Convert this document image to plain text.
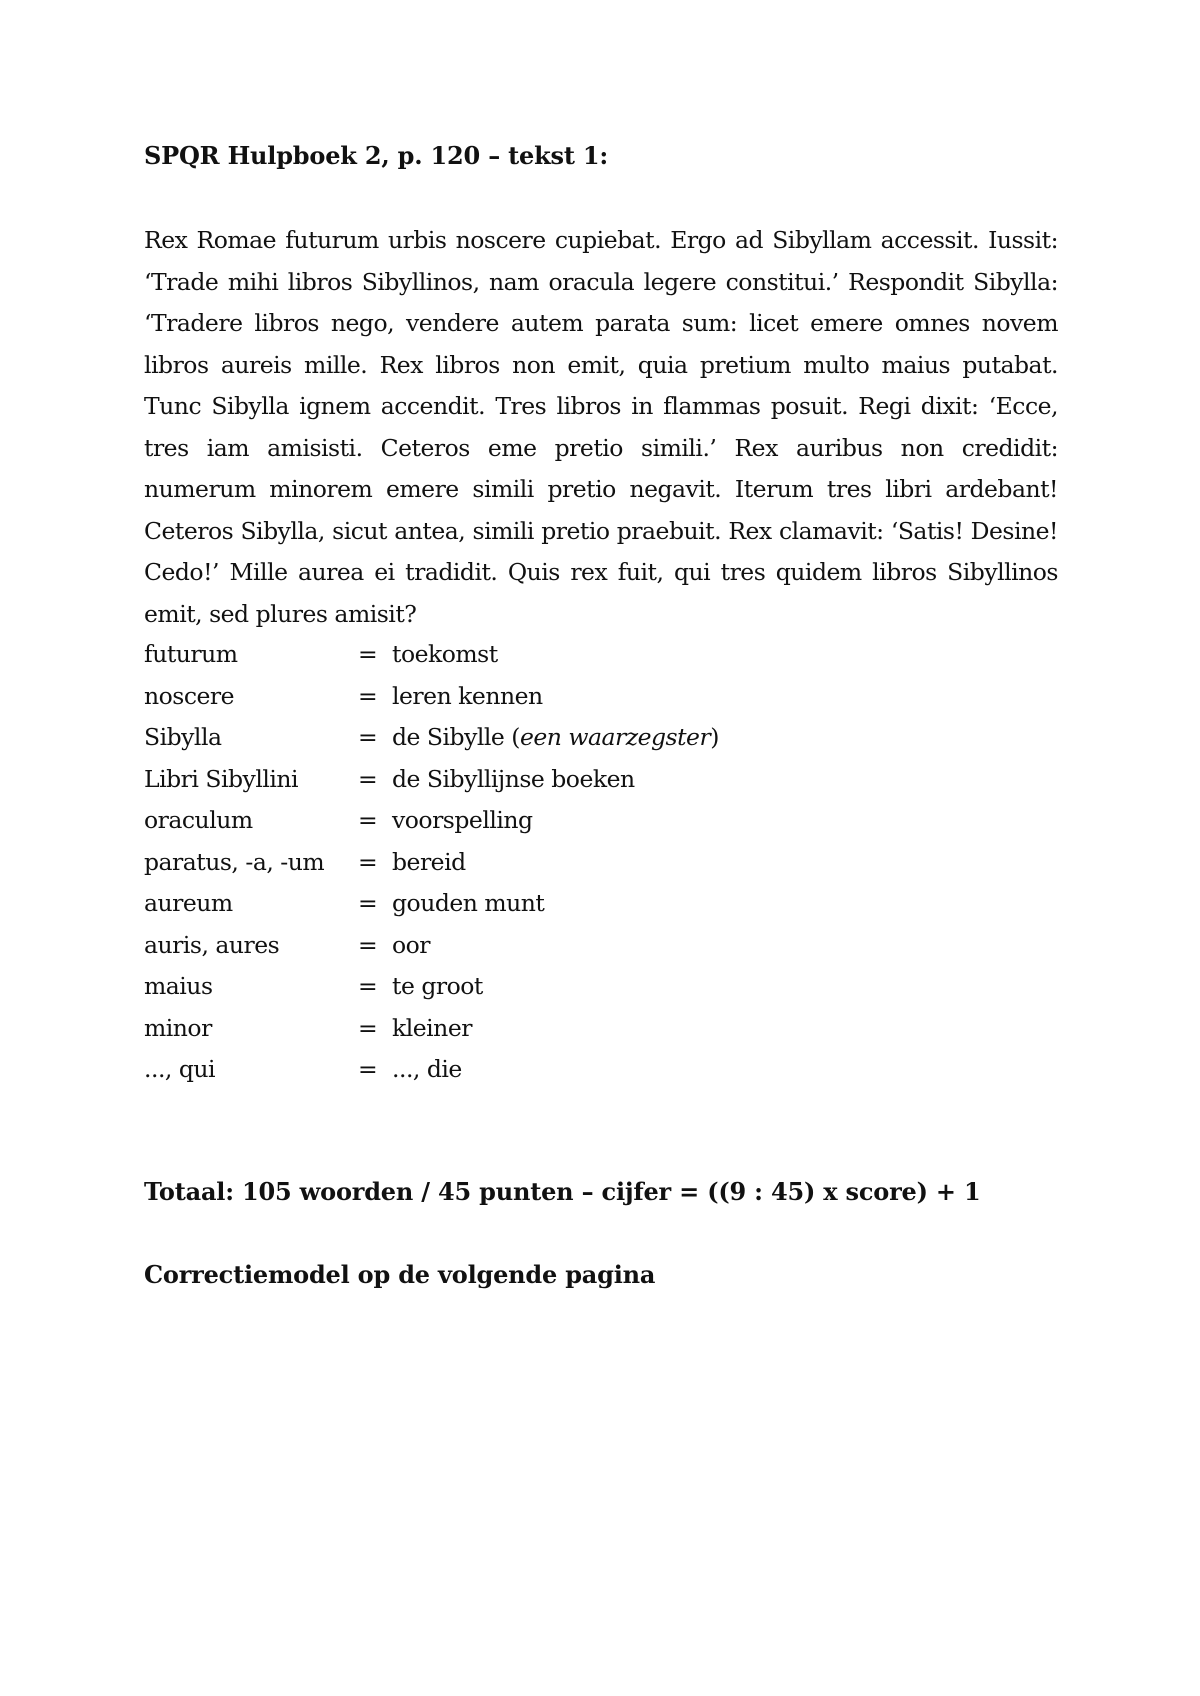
SPQR Hulpboek 2, p. 120 – tekst 1:
Rex Romae futurum urbis noscere cupiebat. Ergo ad Sibyllam accessit. Iussit: ‘Trade mihi libros Sibyllinos, nam oracula legere constitui.’ Respondit Sibylla: ‘Tradere libros nego, vendere autem parata sum: licet emere omnes novem libros aureis mille. Rex libros non emit, quia pretium multo maius putabat. Tunc Sibylla ignem accendit. Tres libros in flammas posuit. Regi dixit: ‘Ecce, tres iam amisisti. Ceteros eme pretio simili.’ Rex auribus non credidit: numerum minorem emere simili pretio negavit. Iterum tres libri ardebant! Ceteros Sibylla, sicut antea, simili pretio praebuit. Rex clamavit: ‘Satis! Desine! Cedo!’ Mille aurea ei tradidit. Quis rex fuit, qui tres quidem libros Sibyllinos emit, sed plures amisit?
futurum	= toekomst
noscere	= leren kennen
Sibylla	= de Sibylle (een waarzegster)
Libri Sibyllini	= de Sibyllijnse boeken
oraculum	= voorspelling
paratus, -a, -um = bereid
aureum	= gouden munt
auris, aures	= oor
maius	= te groot
minor	= kleiner
..., qui	= ..., die
Totaal: 105 woorden / 45 punten – cijfer = ((9 : 45) x score) + 1
Correctiemodel op de volgende pagina
